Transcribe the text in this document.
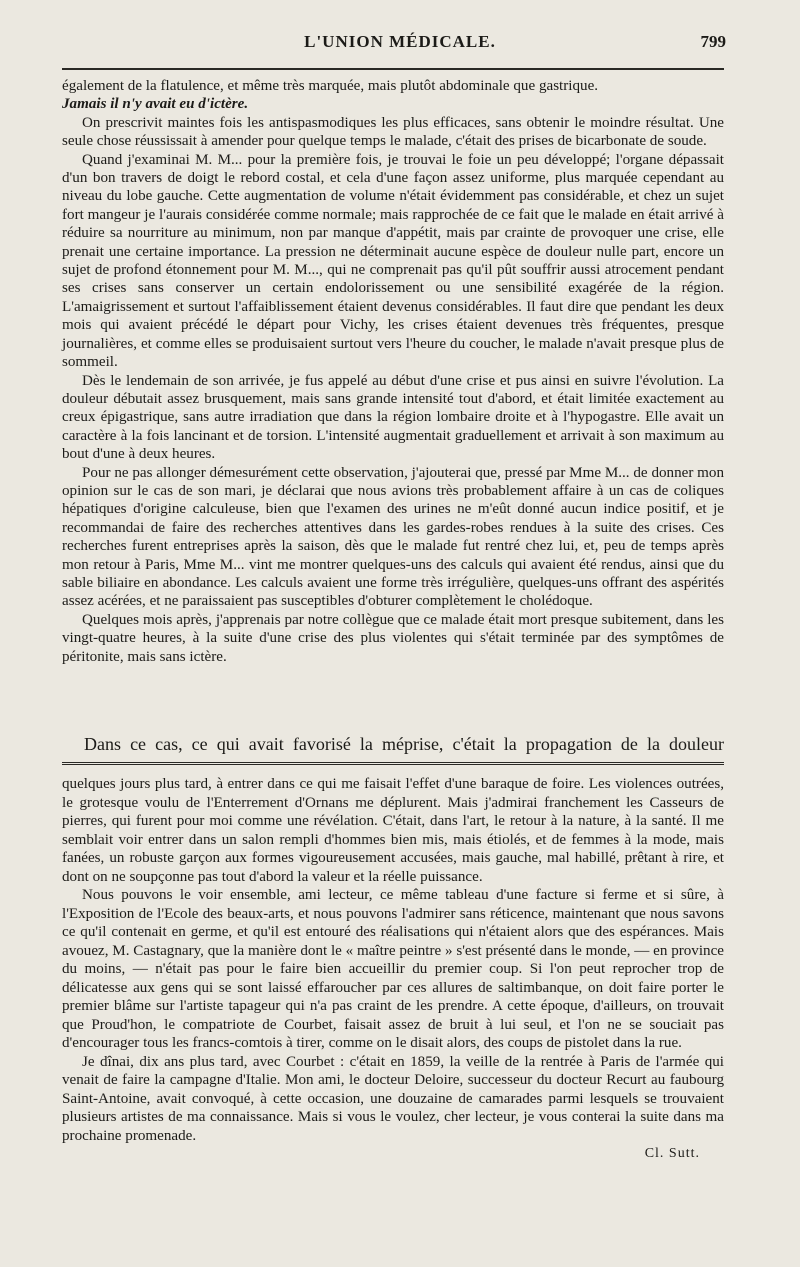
L'UNION MÉDICALE.	799

également de la flatulence, et même très marquée, mais plutôt abdominale que gastrique.

Jamais il n'y avait eu d'ictère.

On prescrivit maintes fois les antispasmodiques les plus efficaces, sans obtenir le moindre résultat. Une seule chose réussissait à amender pour quelque temps le malade, c'était des prises de bicarbonate de soude.

Quand j'examinai M. M... pour la première fois, je trouvai le foie un peu développé; l'organe dépassait d'un bon travers de doigt le rebord costal, et cela d'une façon assez uniforme, plus marquée cependant au niveau du lobe gauche. Cette augmentation de volume n'était évidemment pas considérable, et chez un sujet fort mangeur je l'aurais considérée comme normale; mais rapprochée de ce fait que le malade en était arrivé à réduire sa nourriture au minimum, non par manque d'appétit, mais par crainte de provoquer une crise, elle prenait une certaine importance. La pression ne déterminait aucune espèce de douleur nulle part, encore un sujet de profond étonnement pour M. M..., qui ne comprenait pas qu'il pût souffrir aussi atrocement pendant ses crises sans conserver un certain endolorissement ou une sensibilité exagérée de la région. L'amaigrissement et surtout l'affaiblissement étaient devenus considérables. Il faut dire que pendant les deux mois qui avaient précédé le départ pour Vichy, les crises étaient devenues très fréquentes, presque journalières, et comme elles se produisaient surtout vers l'heure du coucher, le malade n'avait presque plus de sommeil.

Dès le lendemain de son arrivée, je fus appelé au début d'une crise et pus ainsi en suivre l'évolution. La douleur débutait assez brusquement, mais sans grande intensité tout d'abord, et était limitée exactement au creux épigastrique, sans autre irradiation que dans la région lombaire droite et à l'hypogastre. Elle avait un caractère à la fois lancinant et de torsion. L'intensité augmentait graduellement et arrivait à son maximum au bout d'une à deux heures.

Pour ne pas allonger démesurément cette observation, j'ajouterai que, pressé par Mme M... de donner mon opinion sur le cas de son mari, je déclarai que nous avions très probablement affaire à un cas de coliques hépatiques d'origine calculeuse, bien que l'examen des urines ne m'eût donné aucun indice positif, et je recommandai de faire des recherches attentives dans les gardes-robes rendues à la suite des crises. Ces recherches furent entreprises après la saison, dès que le malade fut rentré chez lui, et, peu de temps après mon retour à Paris, Mme M... vint me montrer quelques-uns des calculs qui avaient été rendus, ainsi que du sable biliaire en abondance. Les calculs avaient une forme très irrégulière, quelques-uns offrant des aspérités assez acérées, et ne paraissaient pas susceptibles d'obturer complètement le cholédoque.

Quelques mois après, j'apprenais par notre collègue que ce malade était mort presque subitement, dans les vingt-quatre heures, à la suite d'une crise des plus violentes qui s'était terminée par des symptômes de péritonite, mais sans ictère.

Dans ce cas, ce qui avait favorisé la méprise, c'était la propagation de la douleur

quelques jours plus tard, à entrer dans ce qui me faisait l'effet d'une baraque de foire. Les violences outrées, le grotesque voulu de l'Enterrement d'Ornans me déplurent. Mais j'admirai franchement les Casseurs de pierres, qui furent pour moi comme une révélation. C'était, dans l'art, le retour à la nature, à la santé. Il me semblait voir entrer dans un salon rempli d'hommes bien mis, mais étiolés, et de femmes à la mode, mais fanées, un robuste garçon aux formes vigoureusement accusées, mais gauche, mal habillé, prêtant à rire, et dont on ne soupçonne pas tout d'abord la valeur et la réelle puissance.

Nous pouvons le voir ensemble, ami lecteur, ce même tableau d'une facture si ferme et si sûre, à l'Exposition de l'Ecole des beaux-arts, et nous pouvons l'admirer sans réticence, maintenant que nous savons ce qu'il contenait en germe, et qu'il est entouré des réalisations qui n'étaient alors que des espérances. Mais avouez, M. Castagnary, que la manière dont le « maître peintre » s'est présenté dans le monde, — en province du moins, — n'était pas pour le faire bien accueillir du premier coup. Si l'on peut reprocher trop de délicatesse aux gens qui se sont laissé effaroucher par ces allures de saltimbanque, on doit faire porter le premier blâme sur l'artiste tapageur qui n'a pas craint de les prendre. A cette époque, d'ailleurs, on trouvait que Proud'hon, le compatriote de Courbet, faisait assez de bruit à lui seul, et l'on ne se souciait pas d'encourager tous les francs-comtois à tirer, comme on le disait alors, des coups de pistolet dans la rue.

Je dînai, dix ans plus tard, avec Courbet : c'était en 1859, la veille de la rentrée à Paris de l'armée qui venait de faire la campagne d'Italie. Mon ami, le docteur Deloire, successeur du docteur Recurt au faubourg Saint-Antoine, avait convoqué, à cette occasion, une douzaine de camarades parmi lesquels se trouvaient plusieurs artistes de ma connaissance. Mais si vous le voulez, cher lecteur, je vous conterai la suite dans ma prochaine promenade.

Cl. Sutt.
